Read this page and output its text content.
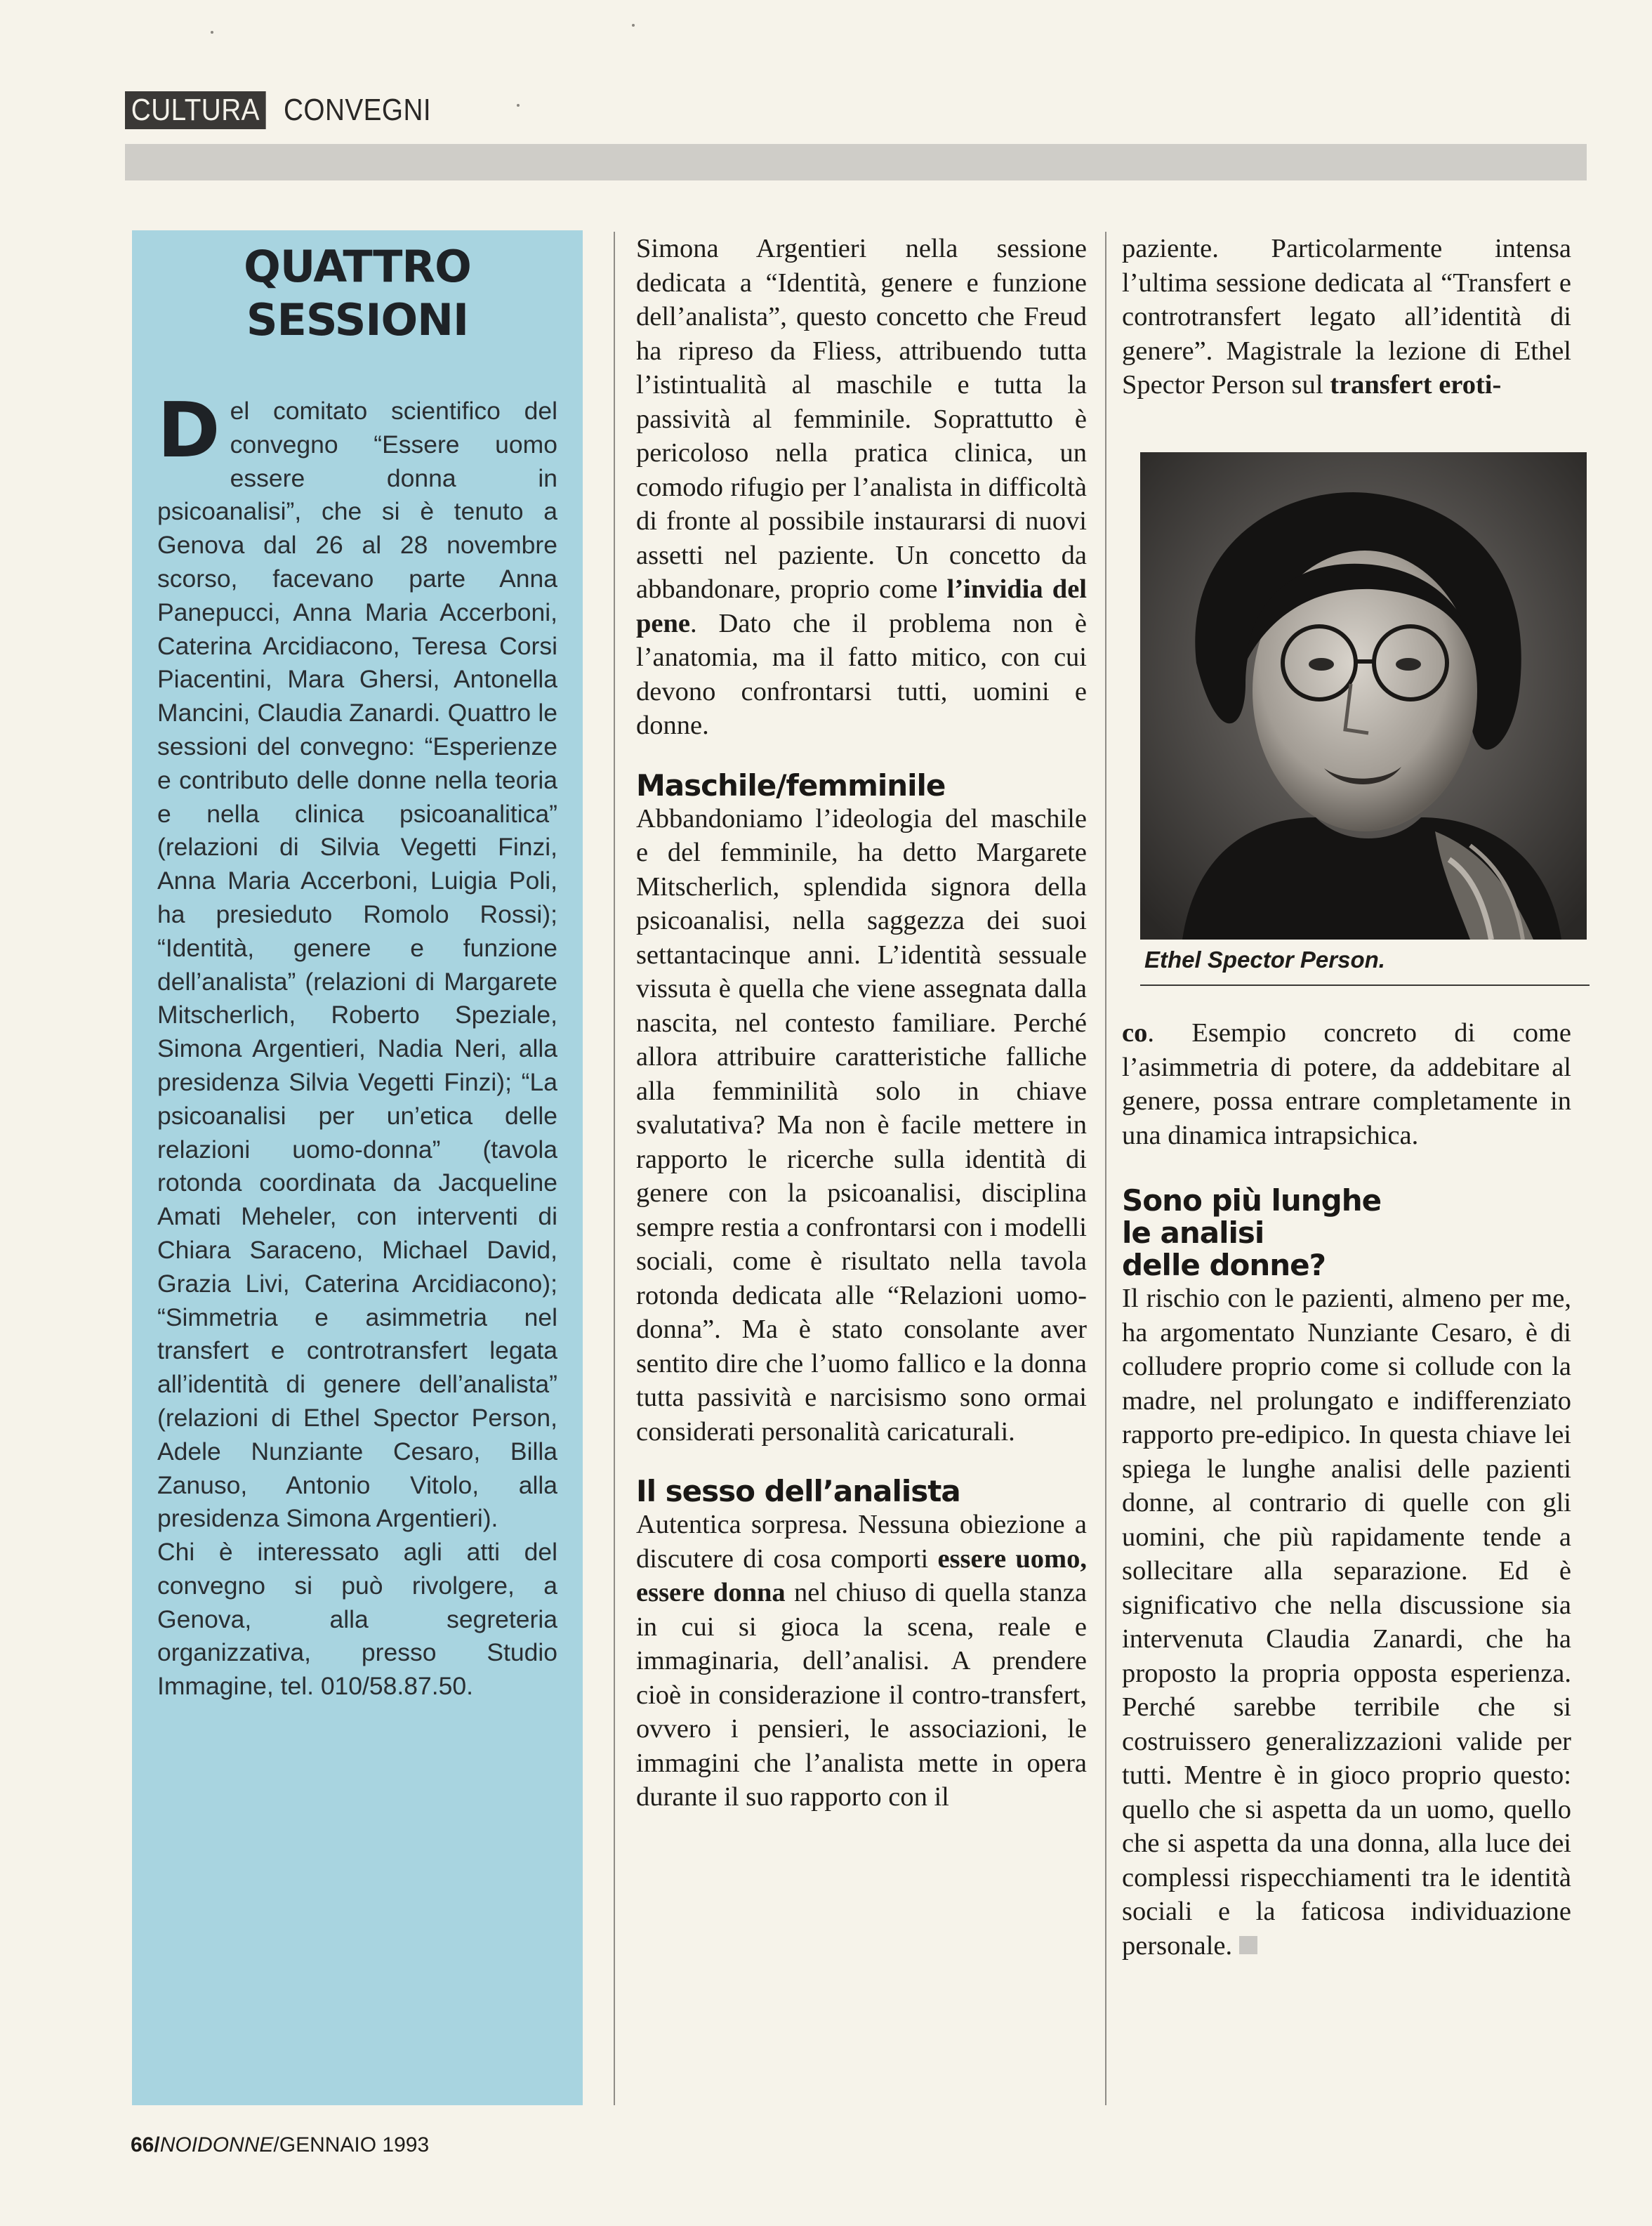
CULTURA CONVEGNI
QUATTRO
SESSIONI
D el comitato scientifico del convegno “Essere uomo essere donna in psicoanalisi”, che si è tenuto a Genova dal 26 al 28 novembre scorso, facevano parte Anna Panepucci, Anna Maria Accerboni, Caterina Arcidiacono, Teresa Corsi Piacentini, Mara Ghersi, Antonella Mancini, Claudia Zanardi. Quattro le sessioni del convegno: “Esperienze e contributo delle donne nella teoria e nella clinica psicoanalitica” (relazioni di Silvia Vegetti Finzi, Anna Maria Accerboni, Luigia Poli, ha presieduto Romolo Rossi); “Identità, genere e funzione dell’analista” (relazioni di Margarete Mitscherlich, Roberto Speziale, Simona Argentieri, Nadia Neri, alla presidenza Silvia Vegetti Finzi); “La psicoanalisi per un’etica delle relazioni uomo-donna” (tavola rotonda coordinata da Jacqueline Amati Meheler, con interventi di Chiara Saraceno, Michael David, Grazia Livi, Caterina Arcidiacono); “Simmetria e asimmetria nel transfert e controtransfert legata all’identità di genere dell’analista” (relazioni di Ethel Spector Person, Adele Nunziante Cesaro, Billa Zanuso, Antonio Vitolo, alla presidenza Simona Argentieri).
Chi è interessato agli atti del convegno si può rivolgere, a Genova, alla segreteria organizzativa, presso Studio Immagine, tel. 010/58.87.50.

Simona Argentieri nella sessione dedicata a “Identità, genere e funzione dell’analista”, questo concetto che Freud ha ripreso da Fliess, attribuendo tutta l’istintualità al maschile e tutta la passività al femminile. Soprattutto è pericoloso nella pratica clinica, un comodo rifugio per l’analista in difficoltà di fronte al possibile instaurarsi di nuovi assetti nel paziente. Un concetto da abbandonare, proprio come l’invidia del pene. Dato che il problema non è l’anatomia, ma il fatto mitico, con cui devono confrontarsi tutti, uomini e donne.

Maschile/femminile

Abbandoniamo l’ideologia del maschile e del femminile, ha detto Margarete Mitscherlich, splendida signora della psicoanalisi, nella saggezza dei suoi settantacinque anni. L’identità sessuale vissuta è quella che viene assegnata dalla nascita, nel contesto familiare. Perché allora attribuire caratteristiche falliche alla femminilità solo in chiave svalutativa? Ma non è facile mettere in rapporto le ricerche sulla identità di genere con la psicoanalisi, disciplina sempre restia a confrontarsi con i modelli sociali, come è risultato nella tavola rotonda dedicata alle “Relazioni uomo-donna”. Ma è stato consolante aver sentito dire che l’uomo fallico e la donna tutta passività e narcisismo sono ormai considerati personalità caricaturali.

Il sesso dell’analista

Autentica sorpresa. Nessuna obiezione a discutere di cosa comporti essere uomo, essere donna nel chiuso di quella stanza in cui si gioca la scena, reale e immaginaria, dell’analisi. A prendere cioè in considerazione il contro-transfert, ovvero i pensieri, le associazioni, le immagini che l’analista mette in opera durante il suo rapporto con il

paziente. Particolarmente intensa l’ultima sessione dedicata al “Transfert e controtransfert legato all’identità di genere”. Magistrale la lezione di Ethel Spector Person sul transfert eroti-

Ethel Spector Person.

co. Esempio concreto di come l’asimmetria di potere, da addebitare al genere, possa entrare completamente in una dinamica intrapsichica.

Sono più lunghe
le analisi
delle donne?

Il rischio con le pazienti, almeno per me, ha argomentato Nunziante Cesaro, è di colludere proprio come si collude con la madre, nel prolungato e indifferenziato rapporto pre-edipico. In questa chiave lei spiega le lunghe analisi delle pazienti donne, al contrario di quelle con gli uomini, che più rapidamente tende a sollecitare alla separazione. Ed è significativo che nella discussione sia intervenuta Claudia Zanardi, che ha proposto la propria opposta esperienza. Perché sarebbe terribile che si costruissero generalizzazioni valide per tutti. Mentre è in gioco proprio questo: quello che si aspetta da un uomo, quello che si aspetta da una donna, alla luce dei complessi rispecchiamenti tra le identità sociali e la faticosa individuazione personale.

66/NOIDONNE/GENNAIO 1993
